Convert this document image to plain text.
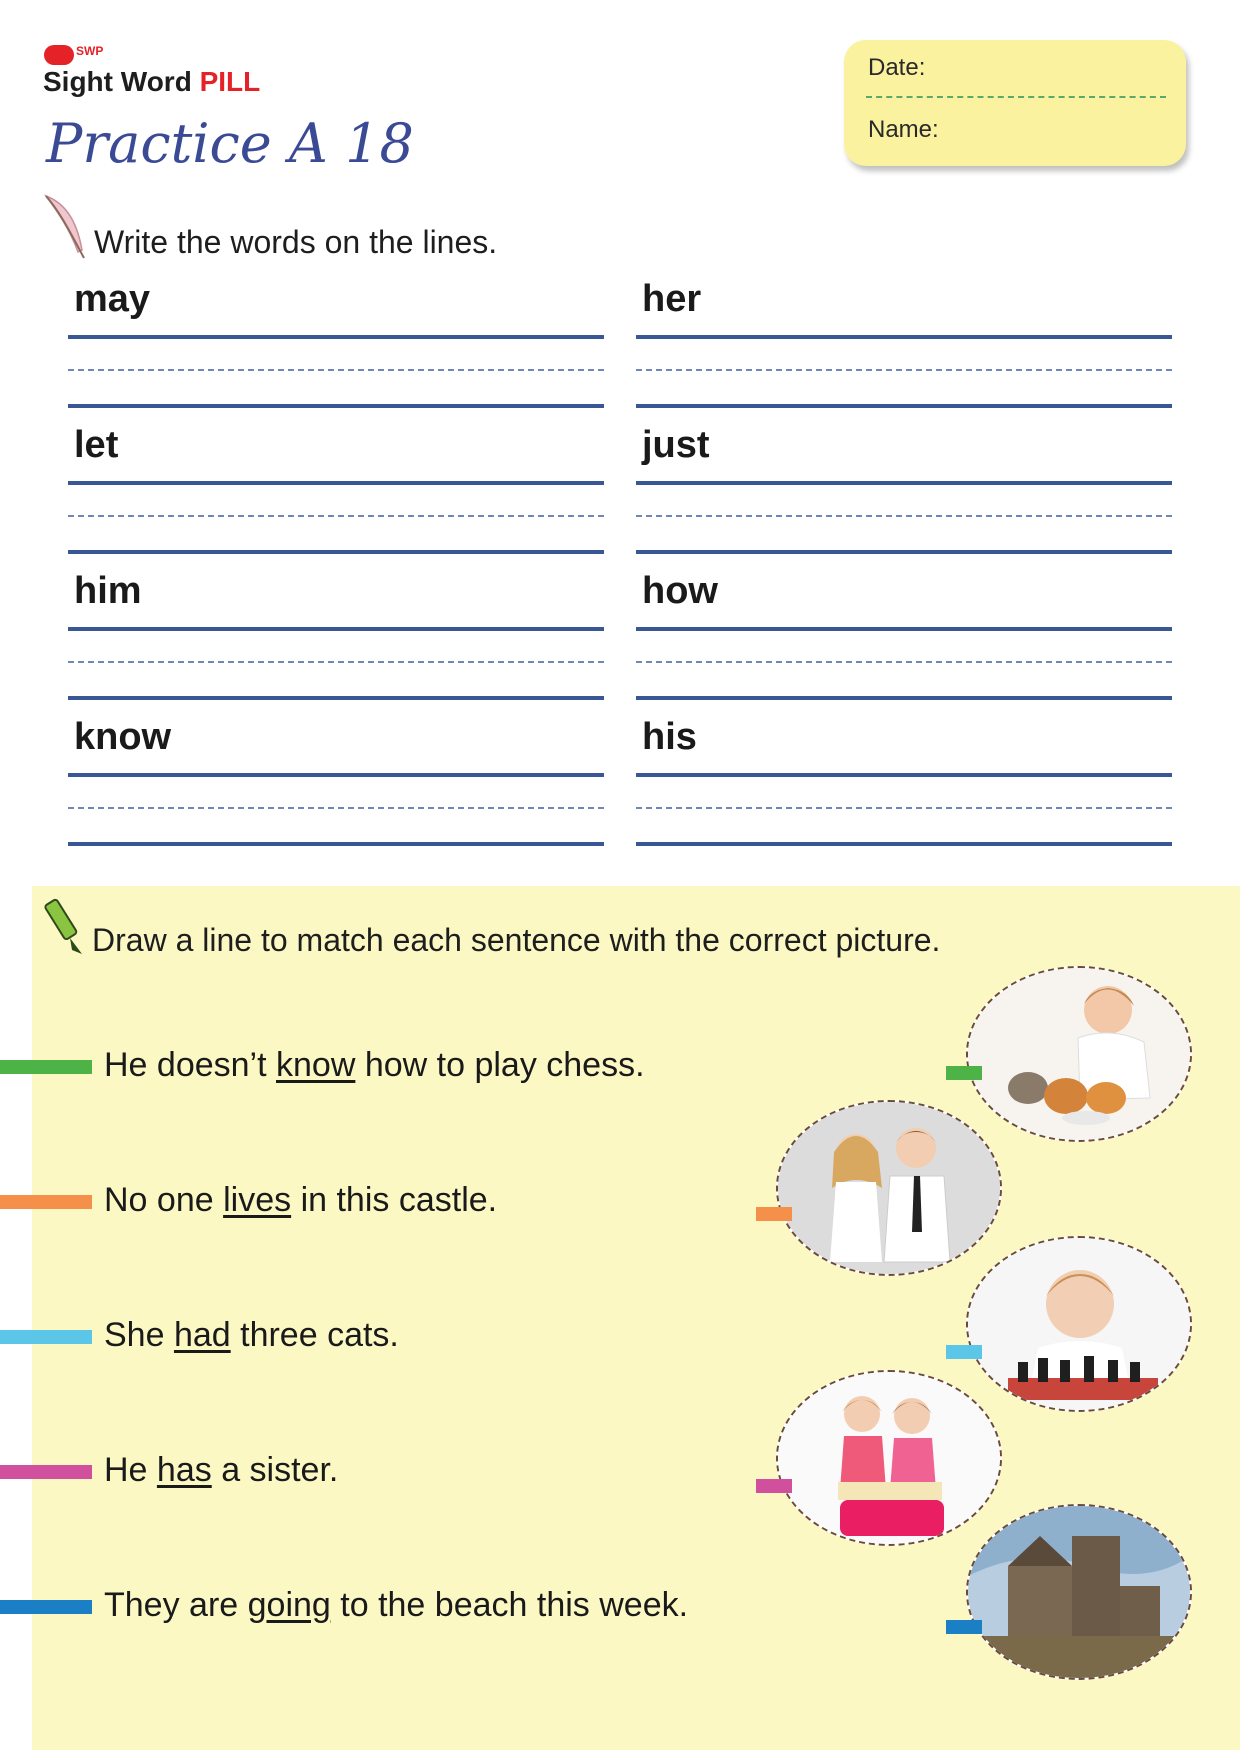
SWP
Sight Word PILL
Practice A 18
Date:
Name:
Write the words on the lines.
may	her
let	just
him	how
know	his
Draw a line to match each sentence with the correct picture.
He doesn’t know how to play chess.
No one lives in this castle.
She had three cats.
He has a sister.
They are going to the beach this week.
